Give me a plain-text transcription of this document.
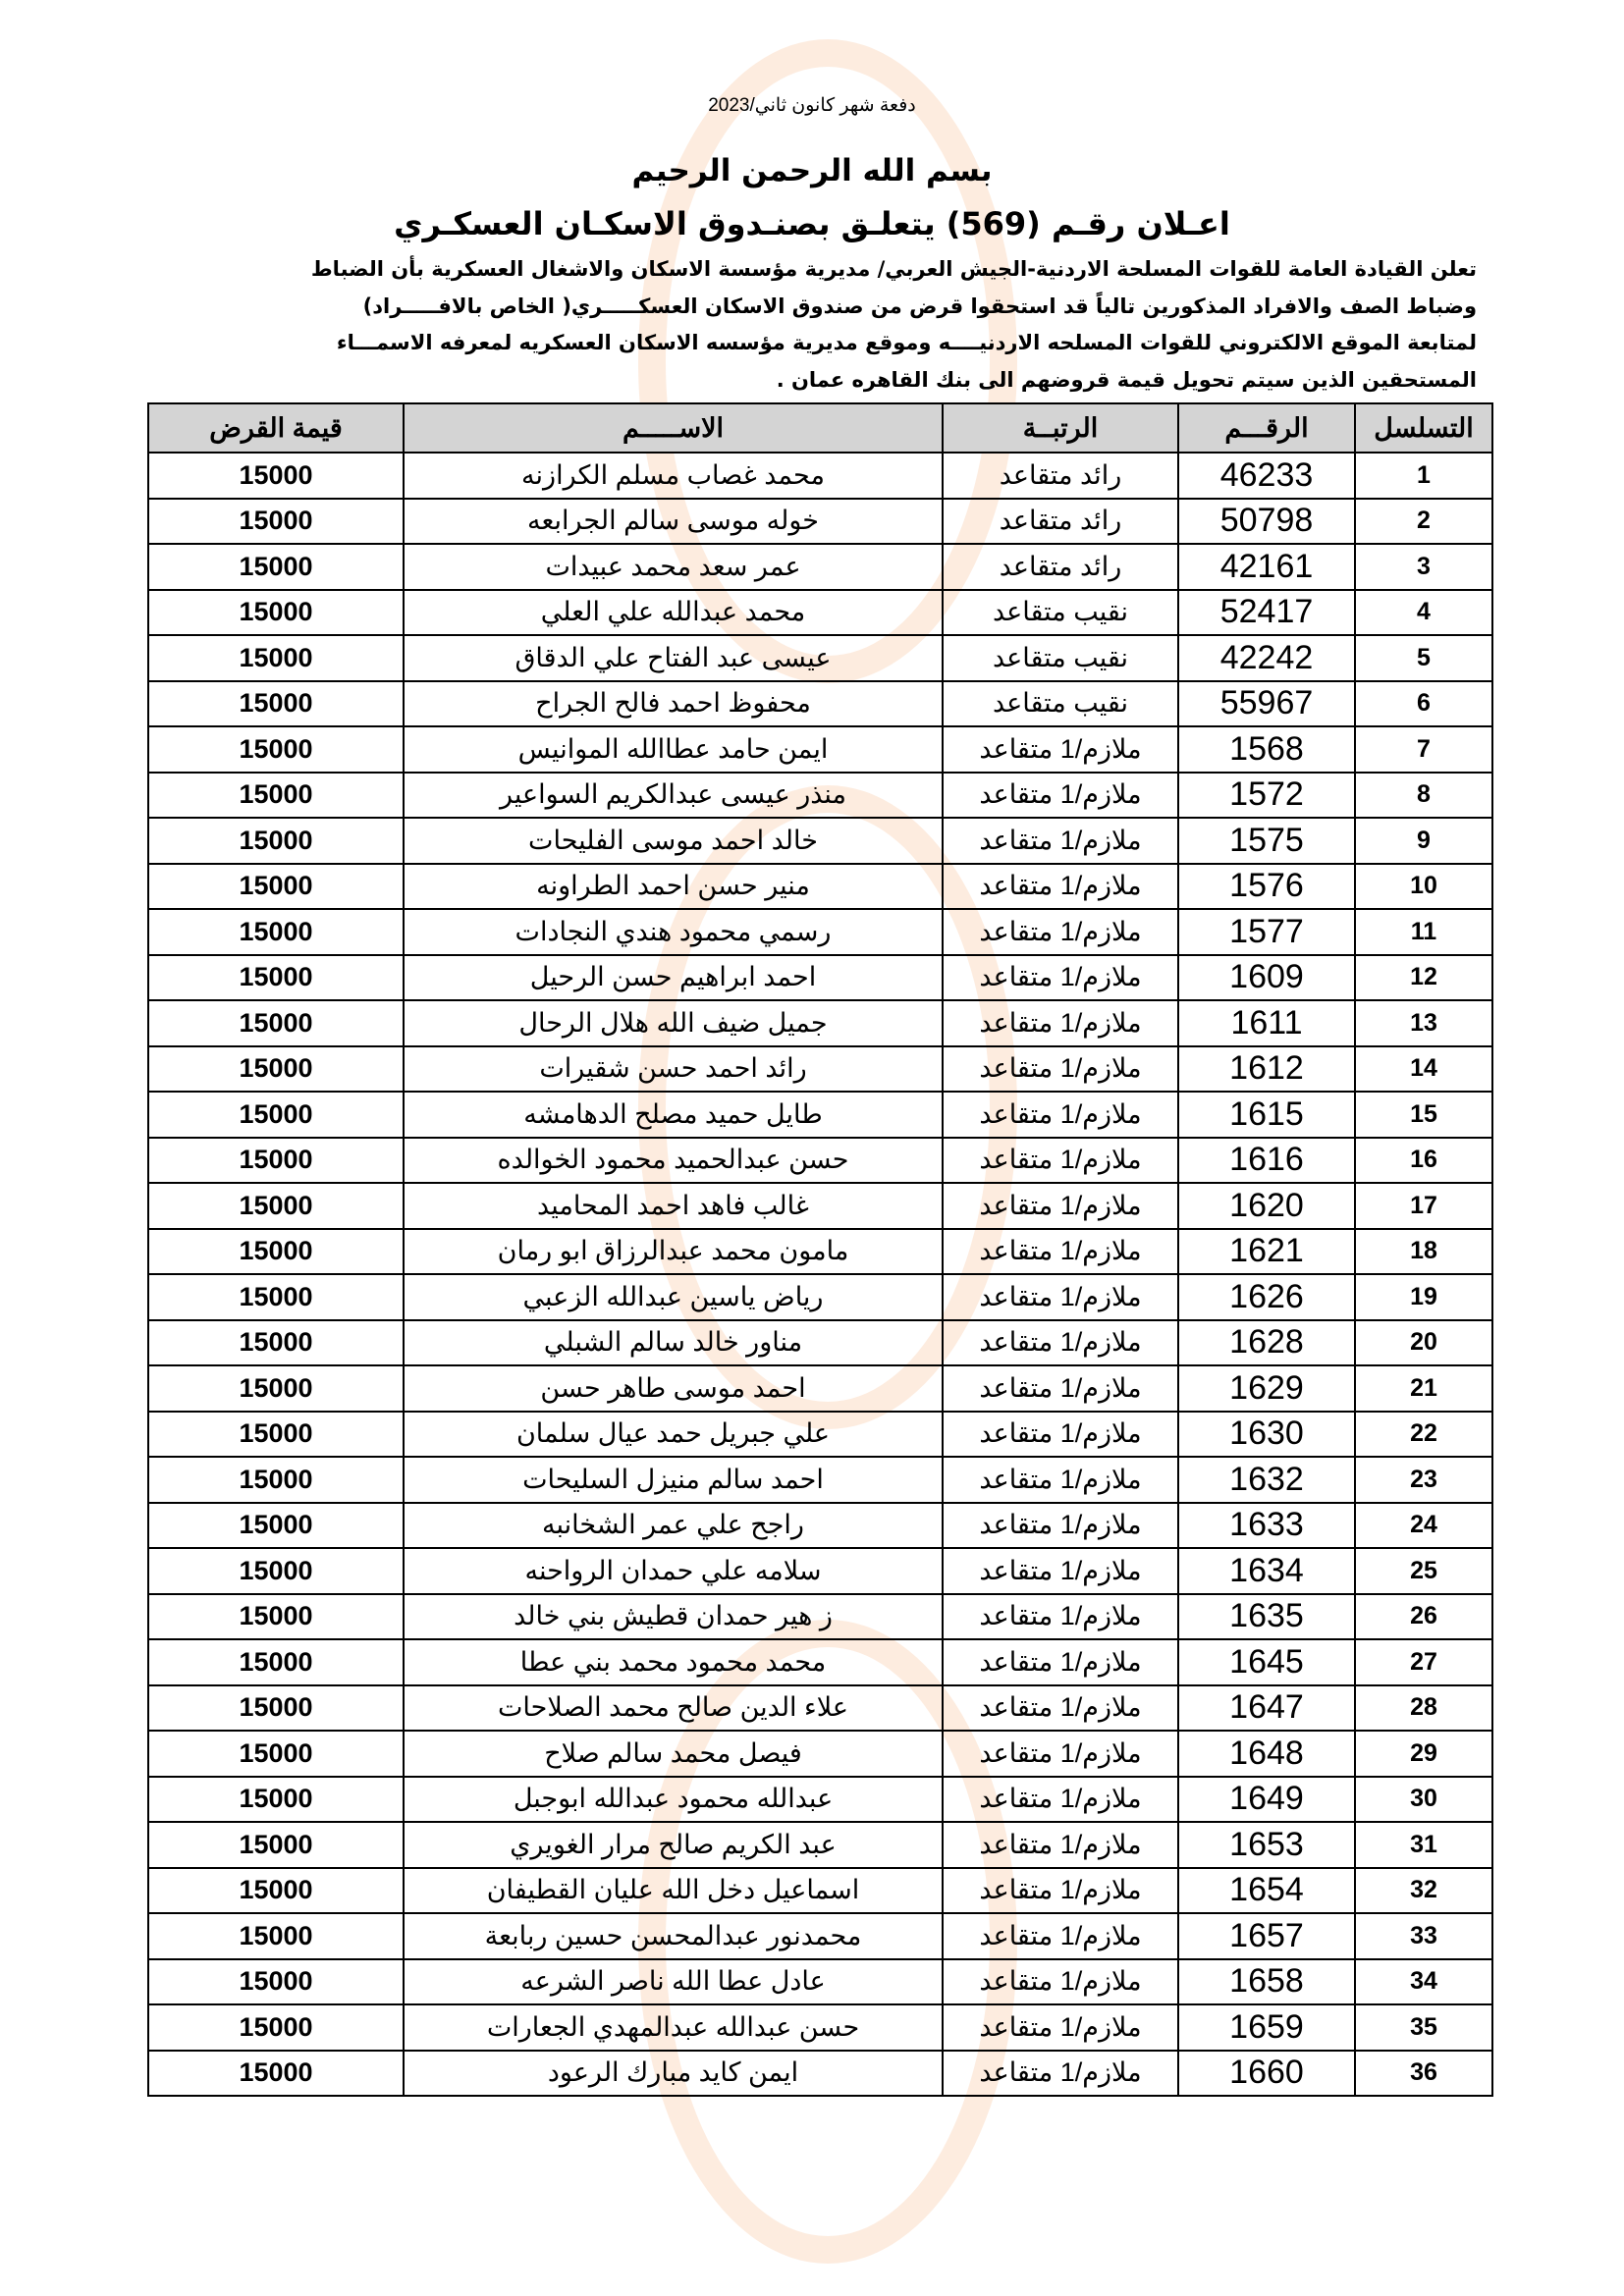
دفعة شهر كانون ثاني/2023
بسم الله الرحمن الرحيم
اعـلان رقـم (569) يتعلـق بصنـدوق الاسكـان العسكـري
تعلن القيادة العامة للقوات المسلحة الاردنية-الجيش العربي/ مديرية مؤسسة الاسكان والاشغال العسكرية بأن الضباط
وضباط الصف والافراد المذكورين تالياً قد استحقوا قرض من صندوق الاسكان العسكـــــري( الخاص بالافـــــراد)
لمتابعة الموقع الالكتروني للقوات المسلحه الاردنيــــه وموقع مديرية مؤسسه الاسكان العسكريه لمعرفه الاسمـــاء
المستحقين الذين سيتم تحويل قيمة قروضهم الى بنك القاهره عمان .
التسلسل	الرقـــم	الرتبــة	الاســـــم	قيمة القرض
1	46233	رائد متقاعد	محمد غصاب مسلم الكرازنه	15000
2	50798	رائد متقاعد	خوله موسى سالم الجرابعه	15000
3	42161	رائد متقاعد	عمر سعد محمد عبيدات	15000
4	52417	نقيب متقاعد	محمد عبدالله علي العلي	15000
5	42242	نقيب متقاعد	عيسى عبد الفتاح علي الدقاق	15000
6	55967	نقيب متقاعد	محفوظ احمد فالح الجراح	15000
7	1568	ملازم/1 متقاعد	ايمن حامد عطاالله الموانيس	15000
8	1572	ملازم/1 متقاعد	منذر عيسى عبدالكريم السواعير	15000
9	1575	ملازم/1 متقاعد	خالد احمد موسى الفليحات	15000
10	1576	ملازم/1 متقاعد	منير حسن احمد الطراونه	15000
11	1577	ملازم/1 متقاعد	رسمي محمود هندي النجادات	15000
12	1609	ملازم/1 متقاعد	احمد ابراهيم حسن الرحيل	15000
13	1611	ملازم/1 متقاعد	جميل ضيف الله هلال الرحال	15000
14	1612	ملازم/1 متقاعد	رائد احمد حسن شقيرات	15000
15	1615	ملازم/1 متقاعد	طايل حميد مصلح الدهامشه	15000
16	1616	ملازم/1 متقاعد	حسن عبدالحميد محمود الخوالده	15000
17	1620	ملازم/1 متقاعد	غالب فاهد احمد المحاميد	15000
18	1621	ملازم/1 متقاعد	مامون محمد عبدالرزاق ابو رمان	15000
19	1626	ملازم/1 متقاعد	رياض ياسين عبدالله الزعبي	15000
20	1628	ملازم/1 متقاعد	مناور خالد سالم الشبلي	15000
21	1629	ملازم/1 متقاعد	احمد موسى طاهر حسن	15000
22	1630	ملازم/1 متقاعد	علي جبريل حمد عيال سلمان	15000
23	1632	ملازم/1 متقاعد	احمد سالم منيزل السليحات	15000
24	1633	ملازم/1 متقاعد	راجح علي عمر الشخانبه	15000
25	1634	ملازم/1 متقاعد	سلامه علي حمدان الرواحنه	15000
26	1635	ملازم/1 متقاعد	ز هير حمدان قطيش بني خالد	15000
27	1645	ملازم/1 متقاعد	محمد محمود محمد بني عطا	15000
28	1647	ملازم/1 متقاعد	علاء الدين صالح محمد الصلاحات	15000
29	1648	ملازم/1 متقاعد	فيصل محمد سالم صلاح	15000
30	1649	ملازم/1 متقاعد	عبدالله محمود عبدالله ابوجبل	15000
31	1653	ملازم/1 متقاعد	عبد الكريم صالح مرار الغويري	15000
32	1654	ملازم/1 متقاعد	اسماعيل دخل الله عليان القطيفان	15000
33	1657	ملازم/1 متقاعد	محمدنور عبدالمحسن حسين ربابعة	15000
34	1658	ملازم/1 متقاعد	عادل عطا الله ناصر الشرعه	15000
35	1659	ملازم/1 متقاعد	حسن عبدالله عبدالمهدي الجعارات	15000
36	1660	ملازم/1 متقاعد	ايمن كايد مبارك الرعود	15000
